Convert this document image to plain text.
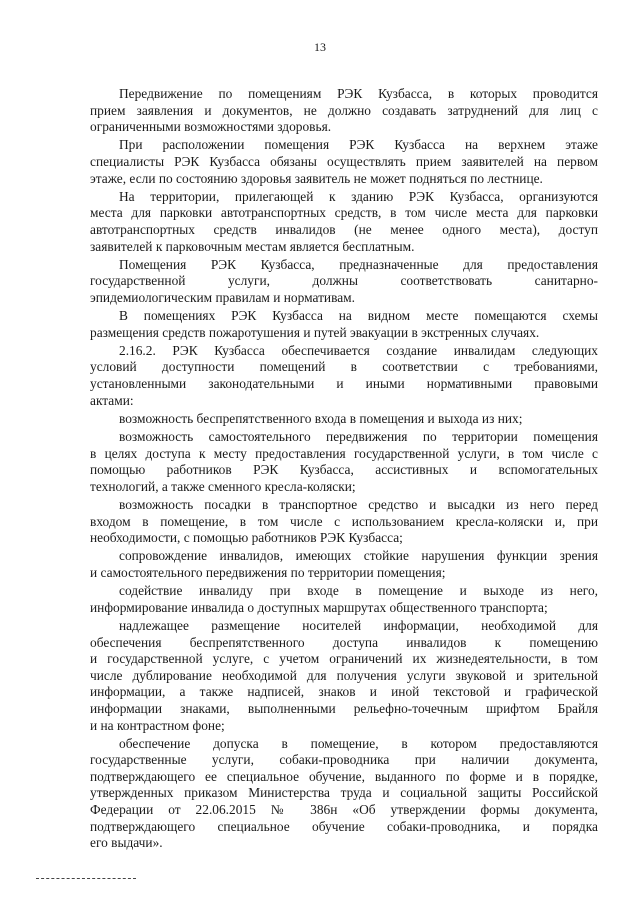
13
Передвижение по помещениям РЭК Кузбасса, в которых проводится
прием заявления и документов, не должно создавать затруднений для лиц с
ограниченными возможностями здоровья.
При расположении помещения РЭК Кузбасса на верхнем этаже
специалисты РЭК Кузбасса обязаны осуществлять прием заявителей на первом
этаже, если по состоянию здоровья заявитель не может подняться по лестнице.
На территории, прилегающей к зданию РЭК Кузбасса, организуются
места для парковки автотранспортных средств, в том числе места для парковки
автотранспортных средств инвалидов (не менее одного места), доступ
заявителей к парковочным местам является бесплатным.
Помещения РЭК Кузбасса, предназначенные для предоставления
государственной услуги, должны соответствовать санитарно-
эпидемиологическим правилам и нормативам.
В помещениях РЭК Кузбасса на видном месте помещаются схемы
размещения средств пожаротушения и путей эвакуации в экстренных случаях.
2.16.2. РЭК Кузбасса обеспечивается создание инвалидам следующих
условий доступности помещений в соответствии с требованиями,
установленными законодательными и иными нормативными правовыми
актами:
возможность беспрепятственного входа в помещения и выхода из них;
возможность самостоятельного передвижения по территории помещения
в целях доступа к месту предоставления государственной услуги, в том числе с
помощью работников РЭК Кузбасса, ассистивных и вспомогательных
технологий, а также сменного кресла-коляски;
возможность посадки в транспортное средство и высадки из него перед
входом в помещение, в том числе с использованием кресла-коляски и, при
необходимости, с помощью работников РЭК Кузбасса;
сопровождение инвалидов, имеющих стойкие нарушения функции зрения
и самостоятельного передвижения по территории помещения;
содействие инвалиду при входе в помещение и выходе из него,
информирование инвалида о доступных маршрутах общественного транспорта;
надлежащее размещение носителей информации, необходимой для
обеспечения беспрепятственного доступа инвалидов к помещению
и государственной услуге, с учетом ограничений их жизнедеятельности, в том
числе дублирование необходимой для получения услуги звуковой и зрительной
информации, а также надписей, знаков и иной текстовой и графической
информации знаками, выполненными рельефно-точечным шрифтом Брайля
и на контрастном фоне;
обеспечение допуска в помещение, в котором предоставляются
государственные услуги, собаки-проводника при наличии документа,
подтверждающего ее специальное обучение, выданного по форме и в порядке,
утвержденных приказом Министерства труда и социальной защиты Российской
Федерации от 22.06.2015 № 386н «Об утверждении формы документа,
подтверждающего специальное обучение собаки-проводника, и порядка
его выдачи».
